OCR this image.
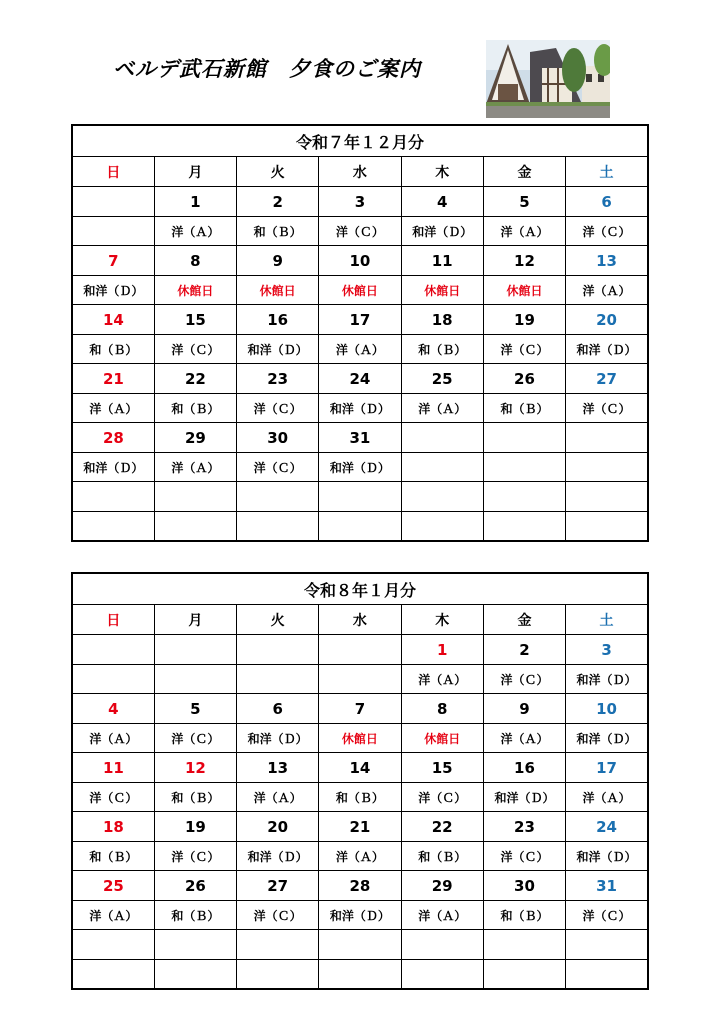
ベルデ武石新館　夕食のご案内
令和７年１２月分						
日	月	火	水	木	金	土
	1	2	3	4	5	6
	洋（Ａ）	和（Ｂ）	洋（Ｃ）	和洋（Ｄ）	洋（Ａ）	洋（Ｃ）
7	8	9	10	11	12	13
和洋（Ｄ）	休館日	休館日	休館日	休館日	休館日	洋（Ａ）
14	15	16	17	18	19	20
和（Ｂ）	洋（Ｃ）	和洋（Ｄ）	洋（Ａ）	和（Ｂ）	洋（Ｃ）	和洋（Ｄ）
21	22	23	24	25	26	27
洋（Ａ）	和（Ｂ）	洋（Ｃ）	和洋（Ｄ）	洋（Ａ）	和（Ｂ）	洋（Ｃ）
28	29	30	31			
和洋（Ｄ）	洋（Ａ）	洋（Ｃ）	和洋（Ｄ）			

令和８年１月分						
日	月	火	水	木	金	土
				1	2	3
				洋（Ａ）	洋（Ｃ）	和洋（Ｄ）
4	5	6	7	8	9	10
洋（Ａ）	洋（Ｃ）	和洋（Ｄ）	休館日	休館日	洋（Ａ）	和洋（Ｄ）
11	12	13	14	15	16	17
洋（Ｃ）	和（Ｂ）	洋（Ａ）	和（Ｂ）	洋（Ｃ）	和洋（Ｄ）	洋（Ａ）
18	19	20	21	22	23	24
和（Ｂ）	洋（Ｃ）	和洋（Ｄ）	洋（Ａ）	和（Ｂ）	洋（Ｃ）	和洋（Ｄ）
25	26	27	28	29	30	31
洋（Ａ）	和（Ｂ）	洋（Ｃ）	和洋（Ｄ）	洋（Ａ）	和（Ｂ）	洋（Ｃ）
